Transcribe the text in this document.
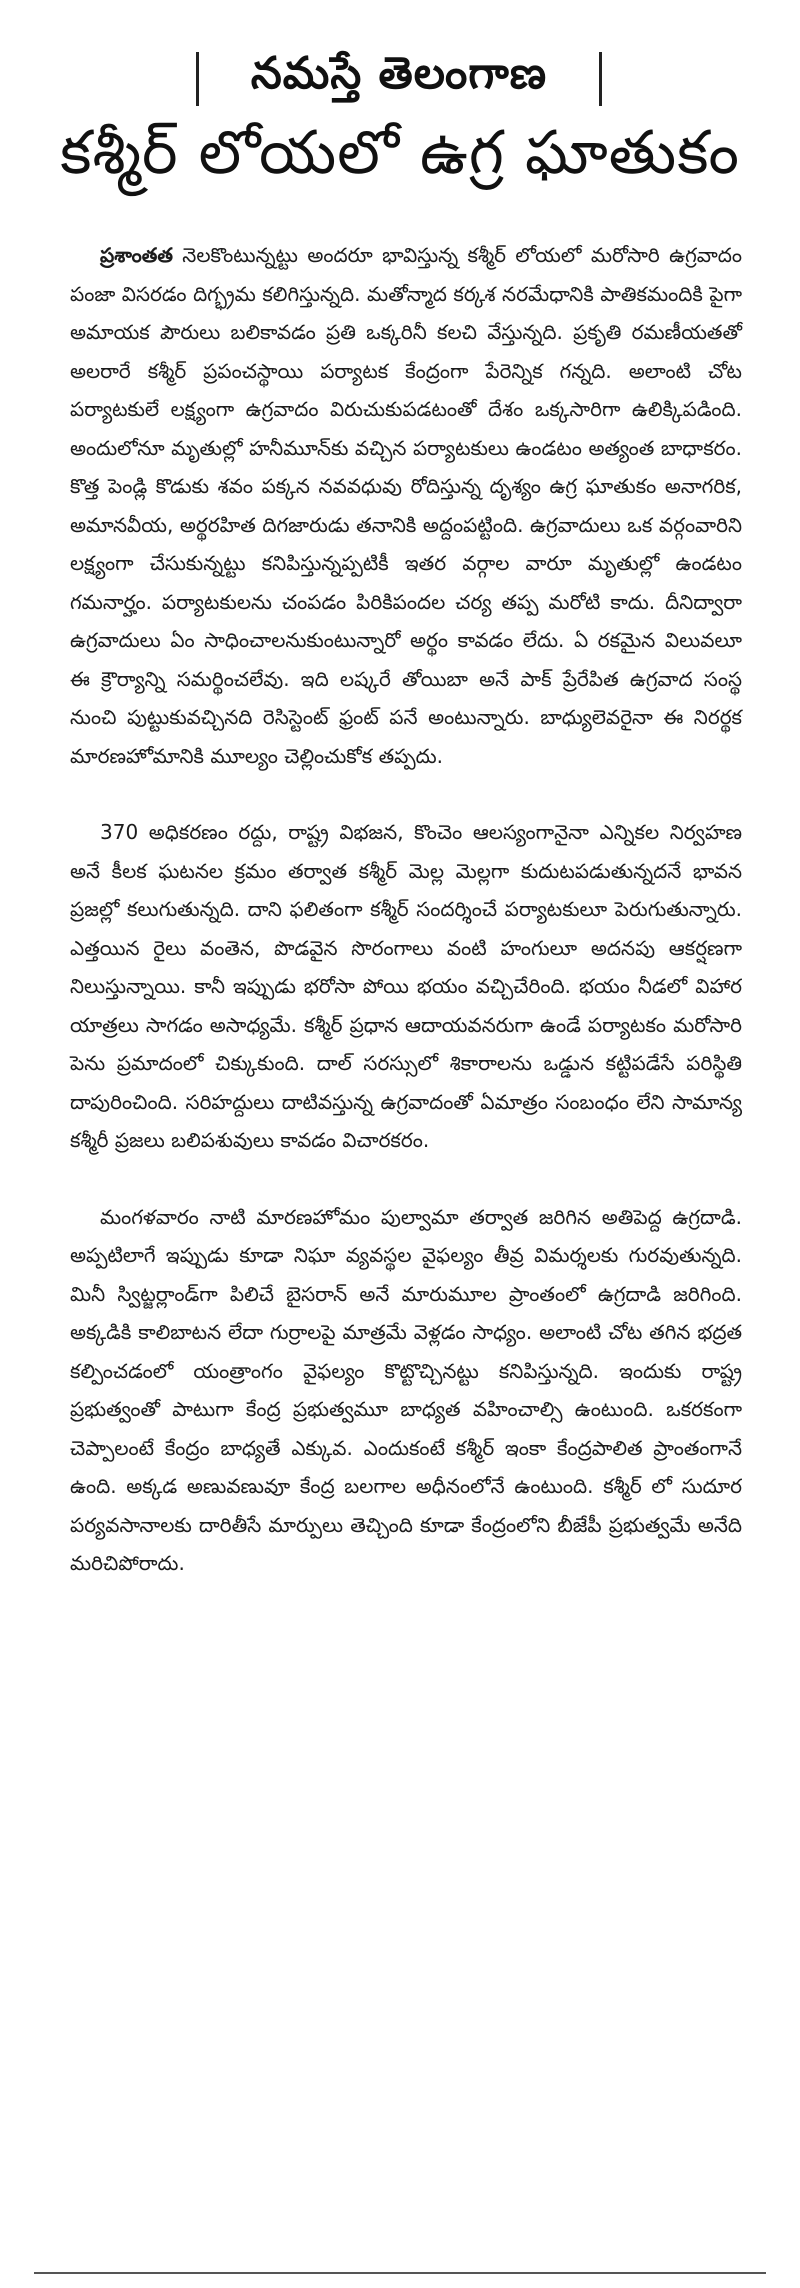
నమస్తే తెలంగాణ
కశ్మీర్ లోయలో ఉగ్ర ఘాతుకం

ప్రశాంతత నెలకొంటున్నట్టు అందరూ భావిస్తున్న కశ్మీర్ లోయలో మరోసారి ఉగ్రవాదం పంజా విసరడం దిగ్భ్రమ కలిగిస్తున్నది. మతోన్మాద కర్కశ నరమేధానికి పాతికమందికి పైగా అమాయక పౌరులు బలికావడం ప్రతి ఒక్కరినీ కలచి వేస్తున్నది. ప్రకృతి రమణీయతతో అలరారే కశ్మీర్ ప్రపంచస్థాయి పర్యాటక కేంద్రంగా పేరెన్నిక గన్నది. అలాంటి చోట పర్యాటకులే లక్ష్యంగా ఉగ్రవాదం విరుచుకుపడటంతో దేశం ఒక్కసారిగా ఉలిక్కిపడింది. అందులోనూ మృతుల్లో హనీమూన్‌కు వచ్చిన పర్యాటకులు ఉండటం అత్యంత బాధాకరం. కొత్త పెండ్లి కొడుకు శవం పక్కన నవవధువు రోదిస్తున్న దృశ్యం ఉగ్ర ఘాతుకం అనాగరిక, అమానవీయ, అర్థరహిత దిగజారుడు తనానికి అద్దంపట్టింది. ఉగ్రవాదులు ఒక వర్గంవారిని లక్ష్యంగా చేసుకున్నట్టు కనిపిస్తున్నప్పటికీ ఇతర వర్గాల వారూ మృతుల్లో ఉండటం గమనార్హం. పర్యాటకులను చంపడం పిరికిపందల చర్య తప్ప మరోటి కాదు. దీనిద్వారా ఉగ్రవాదులు ఏం సాధించాలనుకుంటున్నారో అర్థం కావడం లేదు. ఏ రకమైన విలువలూ ఈ క్రౌర్యాన్ని సమర్థించలేవు. ఇది లష్కరే తోయిబా అనే పాక్ ప్రేరేపిత ఉగ్రవాద సంస్థ నుంచి పుట్టుకువచ్చినది రెసిస్టెంట్ ఫ్రంట్ పనే అంటున్నారు. బాధ్యులెవరైనా ఈ నిరర్థక మారణహోమానికి మూల్యం చెల్లించుకోక తప్పదు.

370 అధికరణం రద్దు, రాష్ట్ర విభజన, కొంచెం ఆలస్యంగానైనా ఎన్నికల నిర్వహణ అనే కీలక ఘటనల క్రమం తర్వాత కశ్మీర్ మెల్ల మెల్లగా కుదుటపడుతున్నదనే భావన ప్రజల్లో కలుగుతున్నది. దాని ఫలితంగా కశ్మీర్ సందర్శించే పర్యాటకులూ పెరుగుతున్నారు. ఎత్తయిన రైలు వంతెన, పొడవైన సొరంగాలు వంటి హంగులూ అదనపు ఆకర్షణగా నిలుస్తున్నాయి. కానీ ఇప్పుడు భరోసా పోయి భయం వచ్చిచేరింది. భయం నీడలో విహార యాత్రలు సాగడం అసాధ్యమే. కశ్మీర్ ప్రధాన ఆదాయవనరుగా ఉండే పర్యాటకం మరోసారి పెను ప్రమాదంలో చిక్కుకుంది. దాల్ సరస్సులో శికారాలను ఒడ్డున కట్టిపడేసే పరిస్థితి దాపురించింది. సరిహద్దులు దాటివస్తున్న ఉగ్రవాదంతో ఏమాత్రం సంబంధం లేని సామాన్య కశ్మీరీ ప్రజలు బలిపశువులు కావడం విచారకరం.

మంగళవారం నాటి మారణహోమం పుల్వామా తర్వాత జరిగిన అతిపెద్ద ఉగ్రదాడి. అప్పటిలాగే ఇప్పుడు కూడా నిఘా వ్యవస్థల వైఫల్యం తీవ్ర విమర్శలకు గురవుతున్నది. మినీ స్విట్జర్లాండ్‌గా పిలిచే బైసరాన్ అనే మారుమూల ప్రాంతంలో ఉగ్రదాడి జరిగింది. అక్కడికి కాలిబాటన లేదా గుర్రాలపై మాత్రమే వెళ్లడం సాధ్యం. అలాంటి చోట తగిన భద్రత కల్పించడంలో యంత్రాంగం వైఫల్యం కొట్టొచ్చినట్టు కనిపిస్తున్నది. ఇందుకు రాష్ట్ర ప్రభుత్వంతో పాటుగా కేంద్ర ప్రభుత్వమూ బాధ్యత వహించాల్సి ఉంటుంది. ఒకరకంగా చెప్పాలంటే కేంద్రం బాధ్యతే ఎక్కువ. ఎందుకంటే కశ్మీర్ ఇంకా కేంద్రపాలిత ప్రాంతంగానే ఉంది. అక్కడ అణువణువూ కేంద్ర బలగాల అధీనంలోనే ఉంటుంది. కశ్మీర్ లో సుదూర పర్యవసానాలకు దారితీసే మార్పులు తెచ్చింది కూడా కేంద్రంలోని బీజేపీ ప్రభుత్వమే అనేది మరిచిపోరాదు.
